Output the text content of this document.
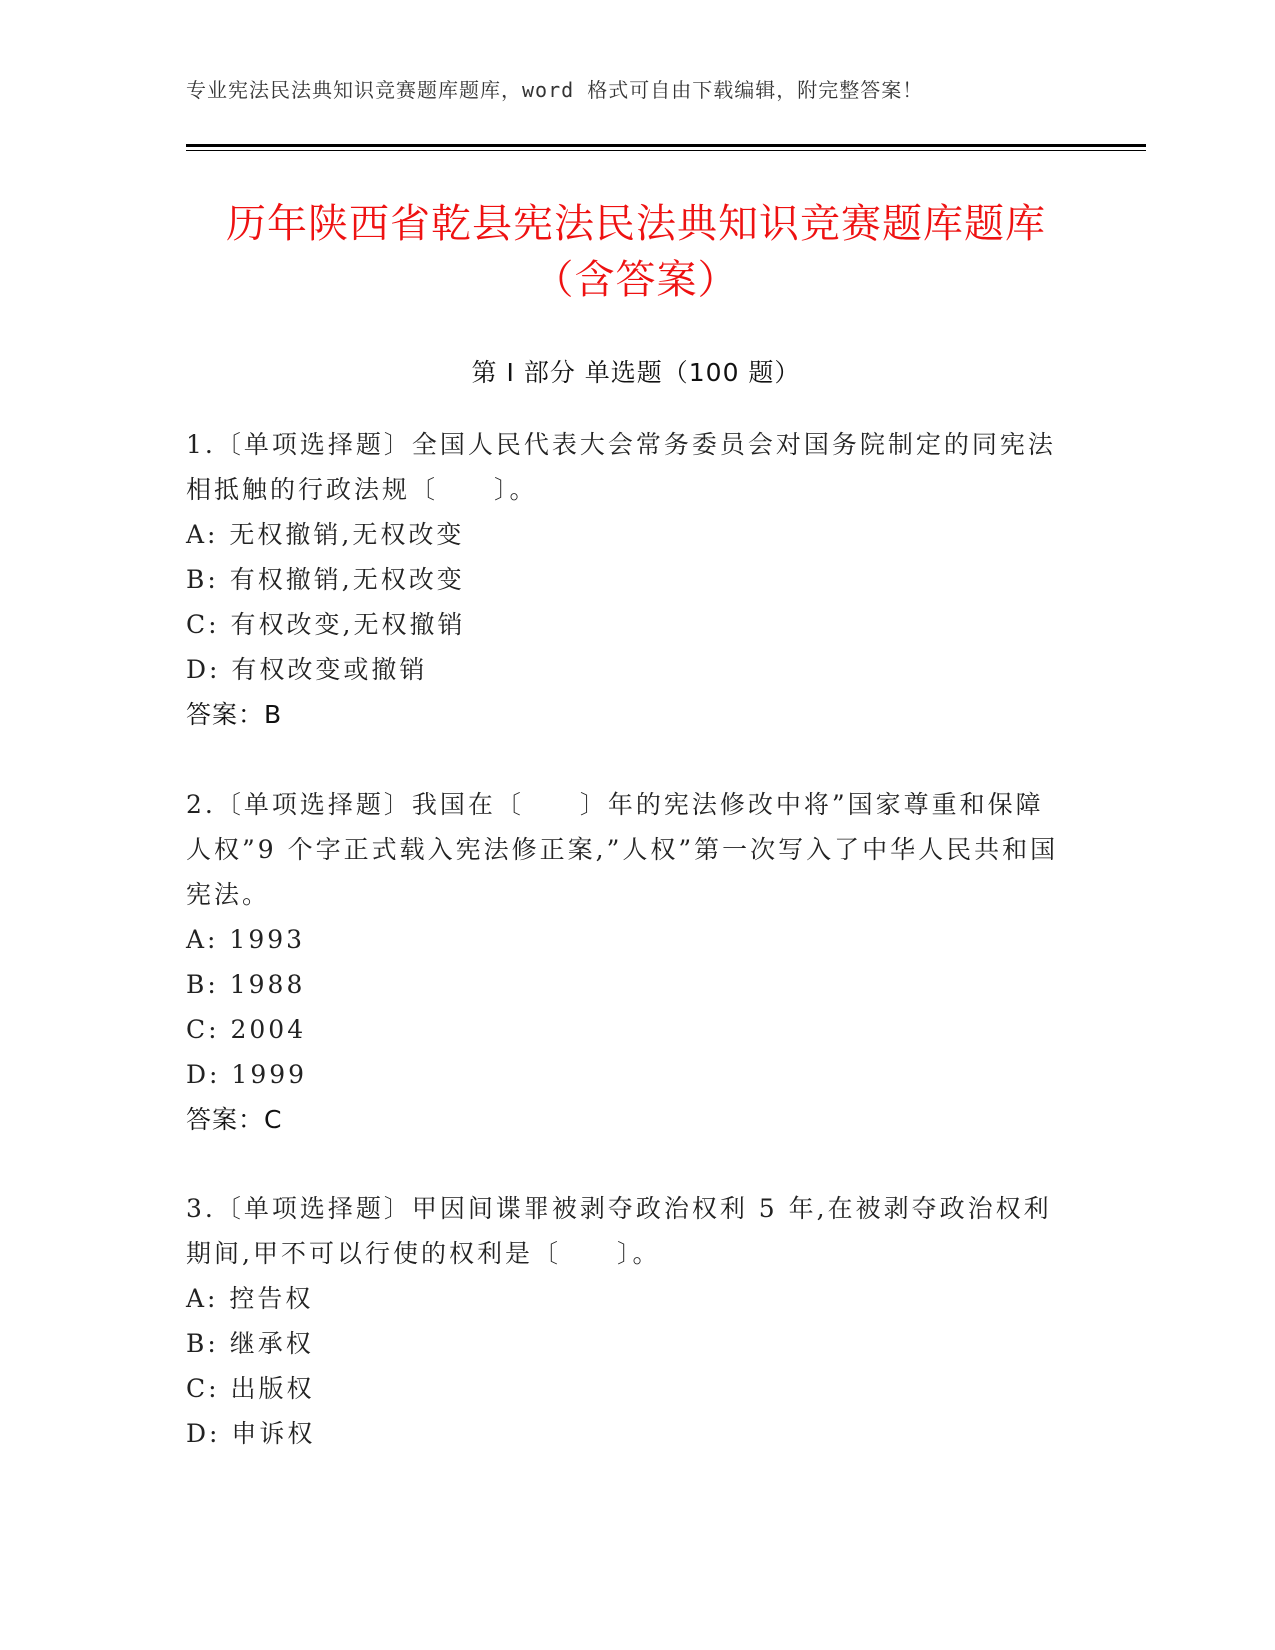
专业宪法民法典知识竞赛题库题库，word 格式可自由下载编辑，附完整答案！
历年陕西省乾县宪法民法典知识竞赛题库题库（含答案）
第 I 部分 单选题（100 题）
1.〔单项选择题〕全国人民代表大会常务委员会对国务院制定的同宪法相抵触的行政法规〔　　〕。
A: 无权撤销,无权改变
B: 有权撤销,无权改变
C: 有权改变,无权撤销
D: 有权改变或撤销
答案：B
2.〔单项选择题〕我国在〔　　〕年的宪法修改中将”国家尊重和保障人权”9 个字正式载入宪法修正案,”人权”第一次写入了中华人民共和国宪法。
A: 1993
B: 1988
C: 2004
D: 1999
答案：C
3.〔单项选择题〕甲因间谍罪被剥夺政治权利 5 年,在被剥夺政治权利期间,甲不可以行使的权利是〔　　〕。
A: 控告权
B: 继承权
C: 出版权
D: 申诉权
